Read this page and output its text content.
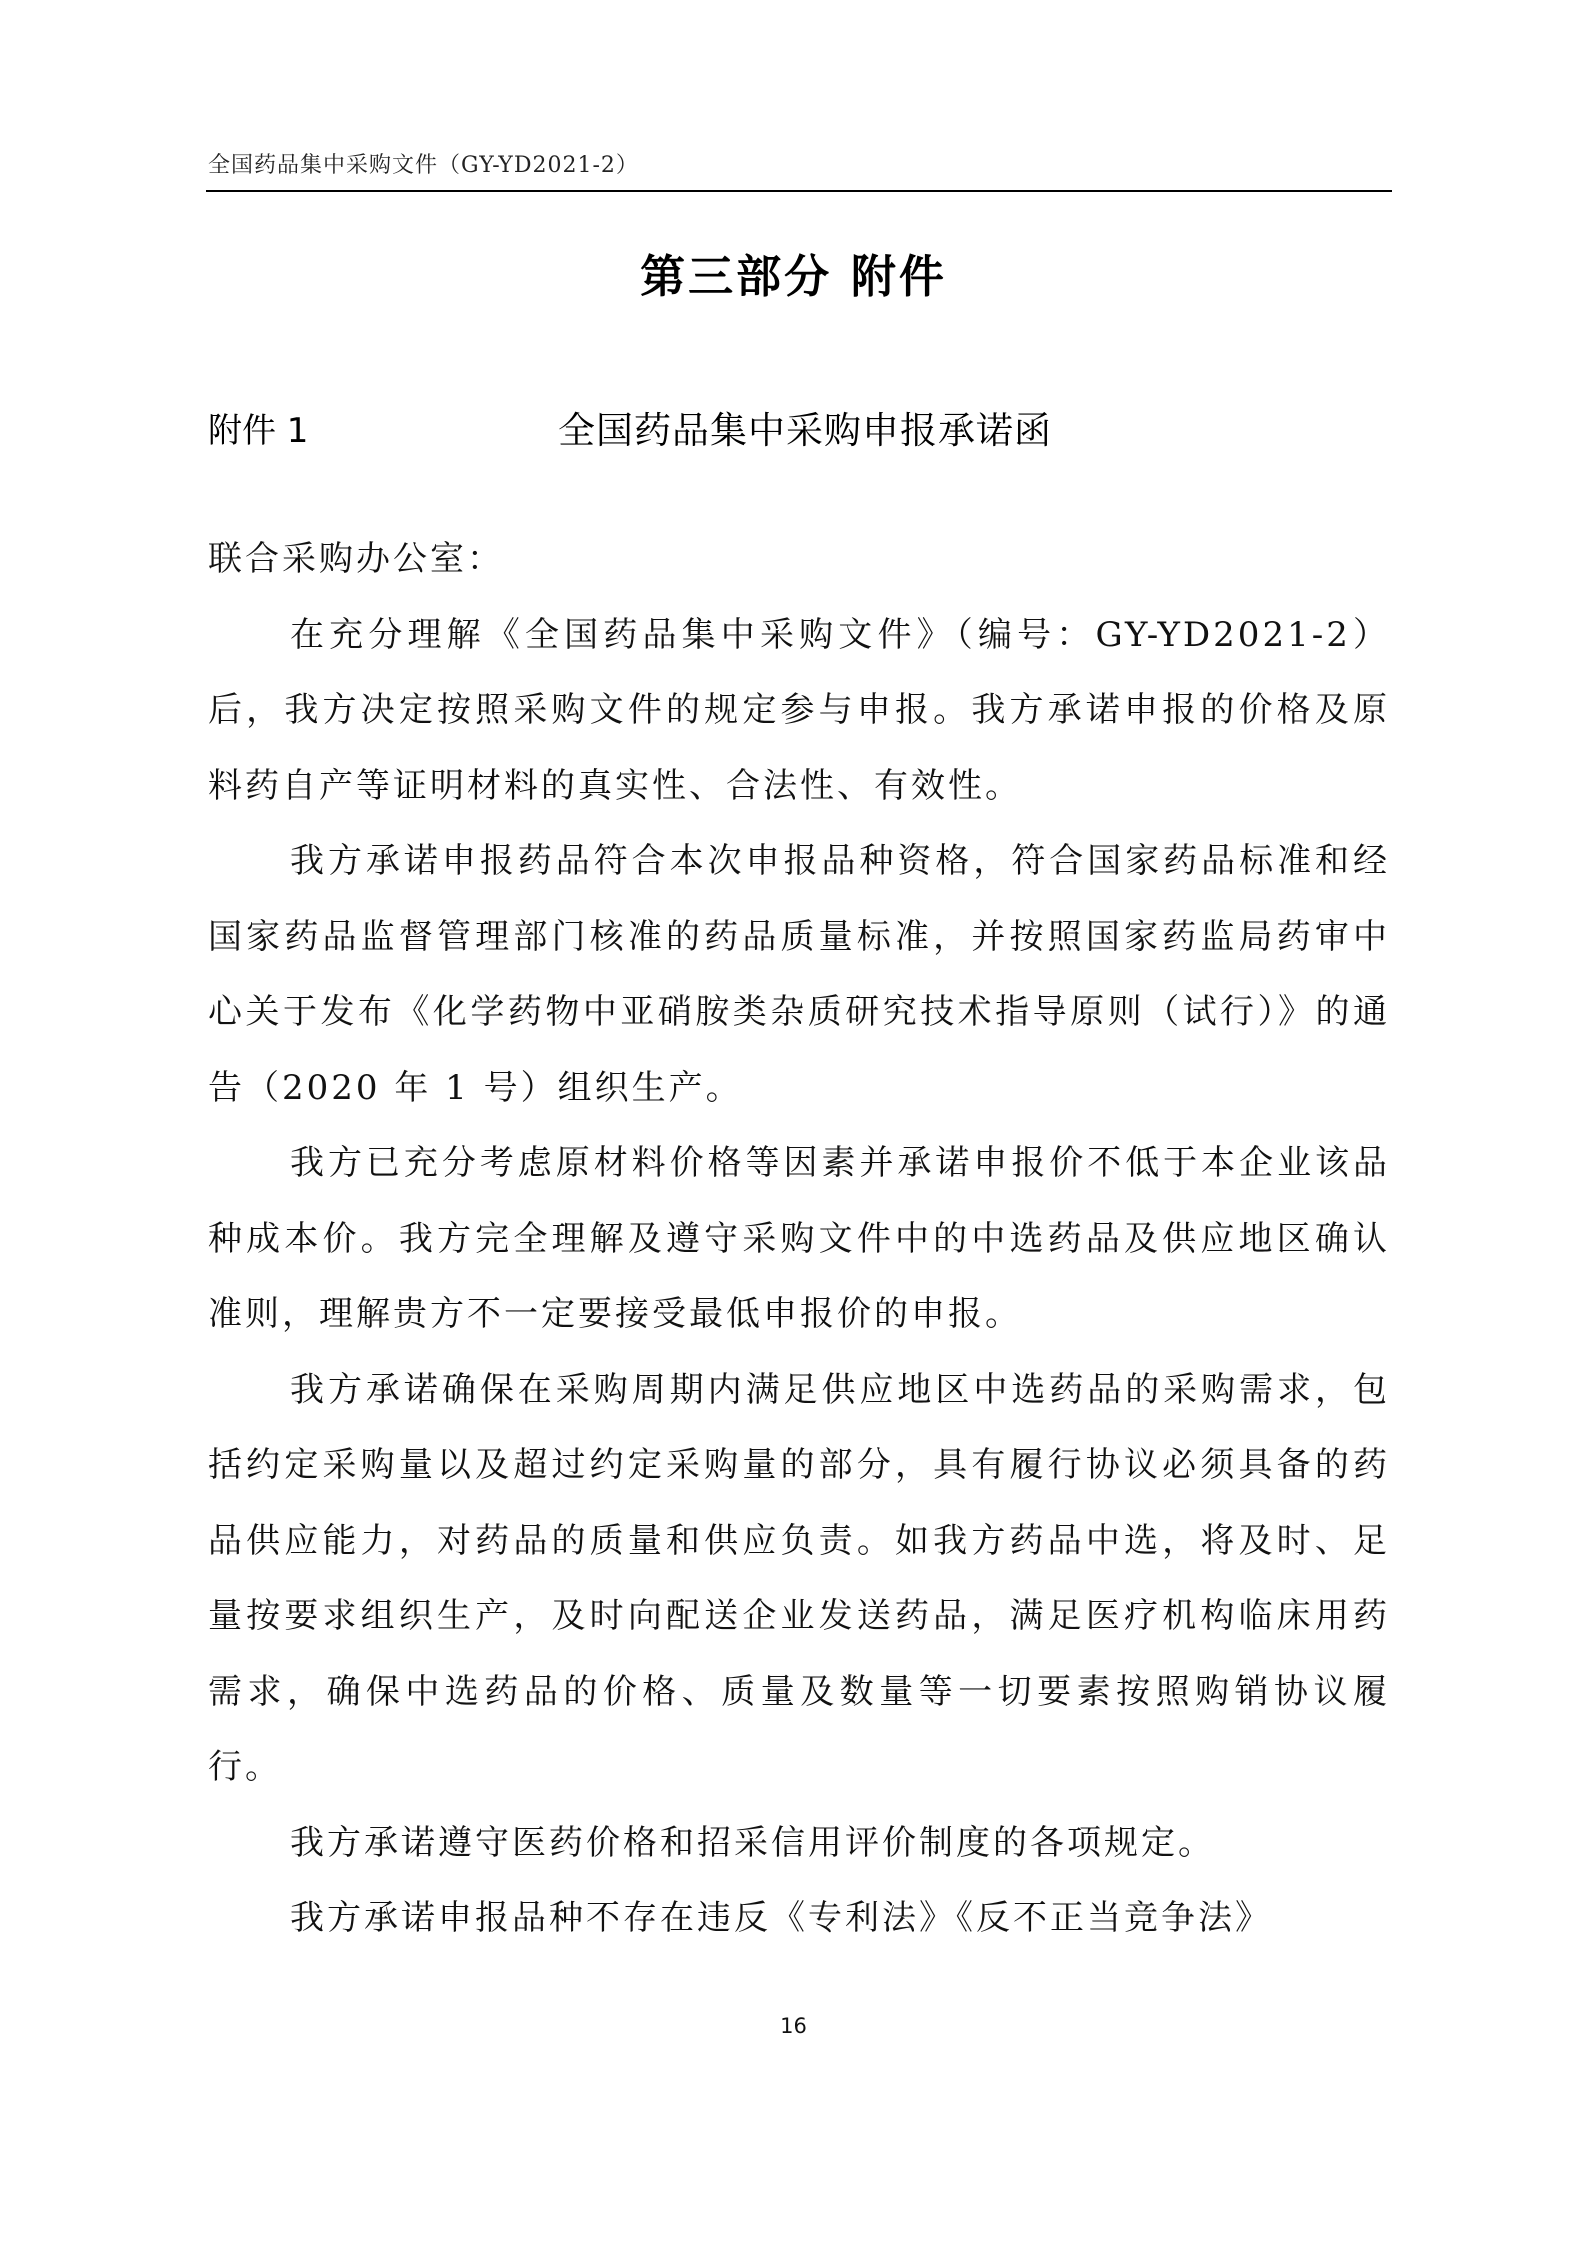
全国药品集中采购文件（GY-YD2021-2）
第三部分 附件
附件 1	全国药品集中采购申报承诺函

联合采购办公室：

在充分理解《全国药品集中采购文件》（编号：GY-YD2021-2）后，我方决定按照采购文件的规定参与申报。我方承诺申报的价格及原料药自产等证明材料的真实性、合法性、有效性。

我方承诺申报药品符合本次申报品种资格，符合国家药品标准和经国家药品监督管理部门核准的药品质量标准，并按照国家药监局药审中心关于发布《化学药物中亚硝胺类杂质研究技术指导原则（试行）》的通告（2020 年 1 号）组织生产。

我方已充分考虑原材料价格等因素并承诺申报价不低于本企业该品种成本价。我方完全理解及遵守采购文件中的中选药品及供应地区确认准则，理解贵方不一定要接受最低申报价的申报。

我方承诺确保在采购周期内满足供应地区中选药品的采购需求，包括约定采购量以及超过约定采购量的部分，具有履行协议必须具备的药品供应能力，对药品的质量和供应负责。如我方药品中选，将及时、足量按要求组织生产，及时向配送企业发送药品，满足医疗机构临床用药需求，确保中选药品的价格、质量及数量等一切要素按照购销协议履行。

我方承诺遵守医药价格和招采信用评价制度的各项规定。

我方承诺申报品种不存在违反《专利法》《反不正当竞争法》

16
